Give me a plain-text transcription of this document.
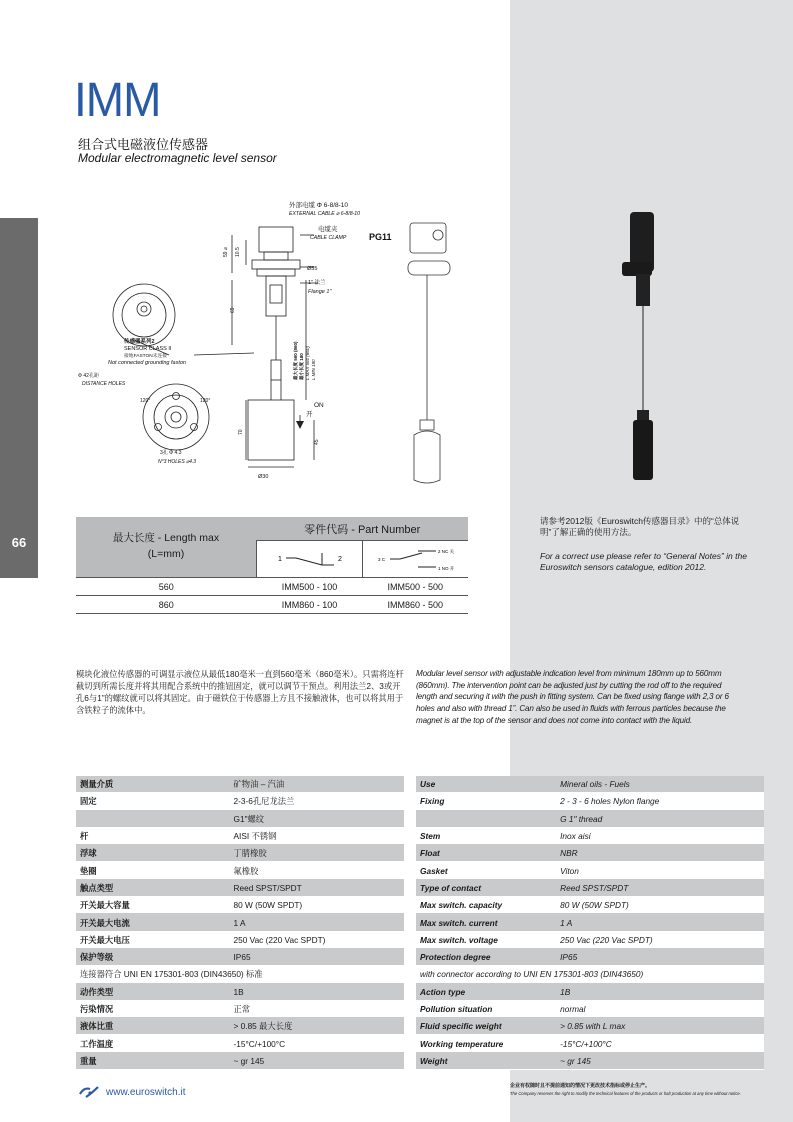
66
IMM
组合式电磁液位传感器
Modular electromagnetic level sensor
外部电缆 Φ 6-8/8-10
EXTERNAL CABLE ⌀ 6-8/8-10
电缆夹
CABLE CLAMP	PG11
Ø55
1" 法兰
Flange 1"
传感器系列2
SENSOR CLASS II
接地FASTON未连接
Not connected grounding faston
Φ 42孔距
DISTANCE HOLES
120°	120°
3孔 Φ 4.3
N°3 HOLES ⌀4.3
ON
开
Ø30
59 ⌀ 10.5
69
70
45
最大长度 560 (860) 最小长度 180 L MAX 560 (860) L MIN 180
最大长度 - Length max
(L=mm)	零件代码 - Part Number	

1 2	3 C
2 NC 关
1 NO 开

560	IMM500 - 100	IMM500 - 500
860	IMM860 - 100	IMM860 - 500
请参考2012版《Euroswitch传感器目录》中的“总体说明”了解正确的使用方法。
For a correct use please refer to “General Notes” in the Euroswitch sensors catalogue, edition 2012.
模块化液位传感器的可调显示液位从最低180毫米一直到560毫米（860毫米）。只需将连杆截切到所需长度并将其用配合系统中的推钮固定，就可以调节干预点。利用法兰2、3或开孔6与1”的螺纹就可以将其固定。由于磁铁位于传感器上方且不接触液体，也可以将其用于含铁粒子的流体中。
Modular level sensor with adjustable indication level from minimum 180mm up to 560mm (860mm). The intervention point can be adjusted just by cutting the rod off to the required length and securing it with the push in fitting system. Can be fixed using flange with 2,3 or 6 holes and also with thread 1”. Can also be used in fluids with ferrous particles because the magnet is at the top of the sensor and does not come into contact with the liquid.
测量介质	矿物油 – 汽油
固定	2-3-6孔尼龙法兰
	G1"螺纹
杆	AISI 不锈钢
浮球	丁腈橡胶
垫圈	氟橡胶
触点类型	Reed SPST/SPDT
开关最大容量	80 W (50W SPDT)
开关最大电流	1 A
开关最大电压	250 Vac (220 Vac SPDT)
保护等级	IP65
连接器符合 UNI EN 175301-803 (DIN43650) 标准	
动作类型	1B
污染情况	正常
液体比重	> 0.85 最大长度
工作温度	-15°C/+100°C
重量	~ gr 145
Use	Mineral oils - Fuels
Fixing	2 - 3 - 6 holes Nylon flange
	G 1" thread
Stem	Inox aisi
Float	NBR
Gasket	Viton
Type of contact	Reed SPST/SPDT
Max switch. capacity	80 W (50W SPDT)
Max switch. current	1 A
Max switch. voltage	250 Vac (220 Vac SPDT)
Protection degree	IP65
with connector according to UNI EN 175301-803 (DIN43650)	
Action type	1B
Pollution situation	normal
Fluid specific weight	> 0.85 with L max
Working temperature	-15°C/+100°C
Weight	~ gr 145
www.euroswitch.it
企业有权随时且不提前通知的情况下更改技术指标或停止生产。
The Company reserves the right to modify the technical features of the products or halt production at any time without notice.
